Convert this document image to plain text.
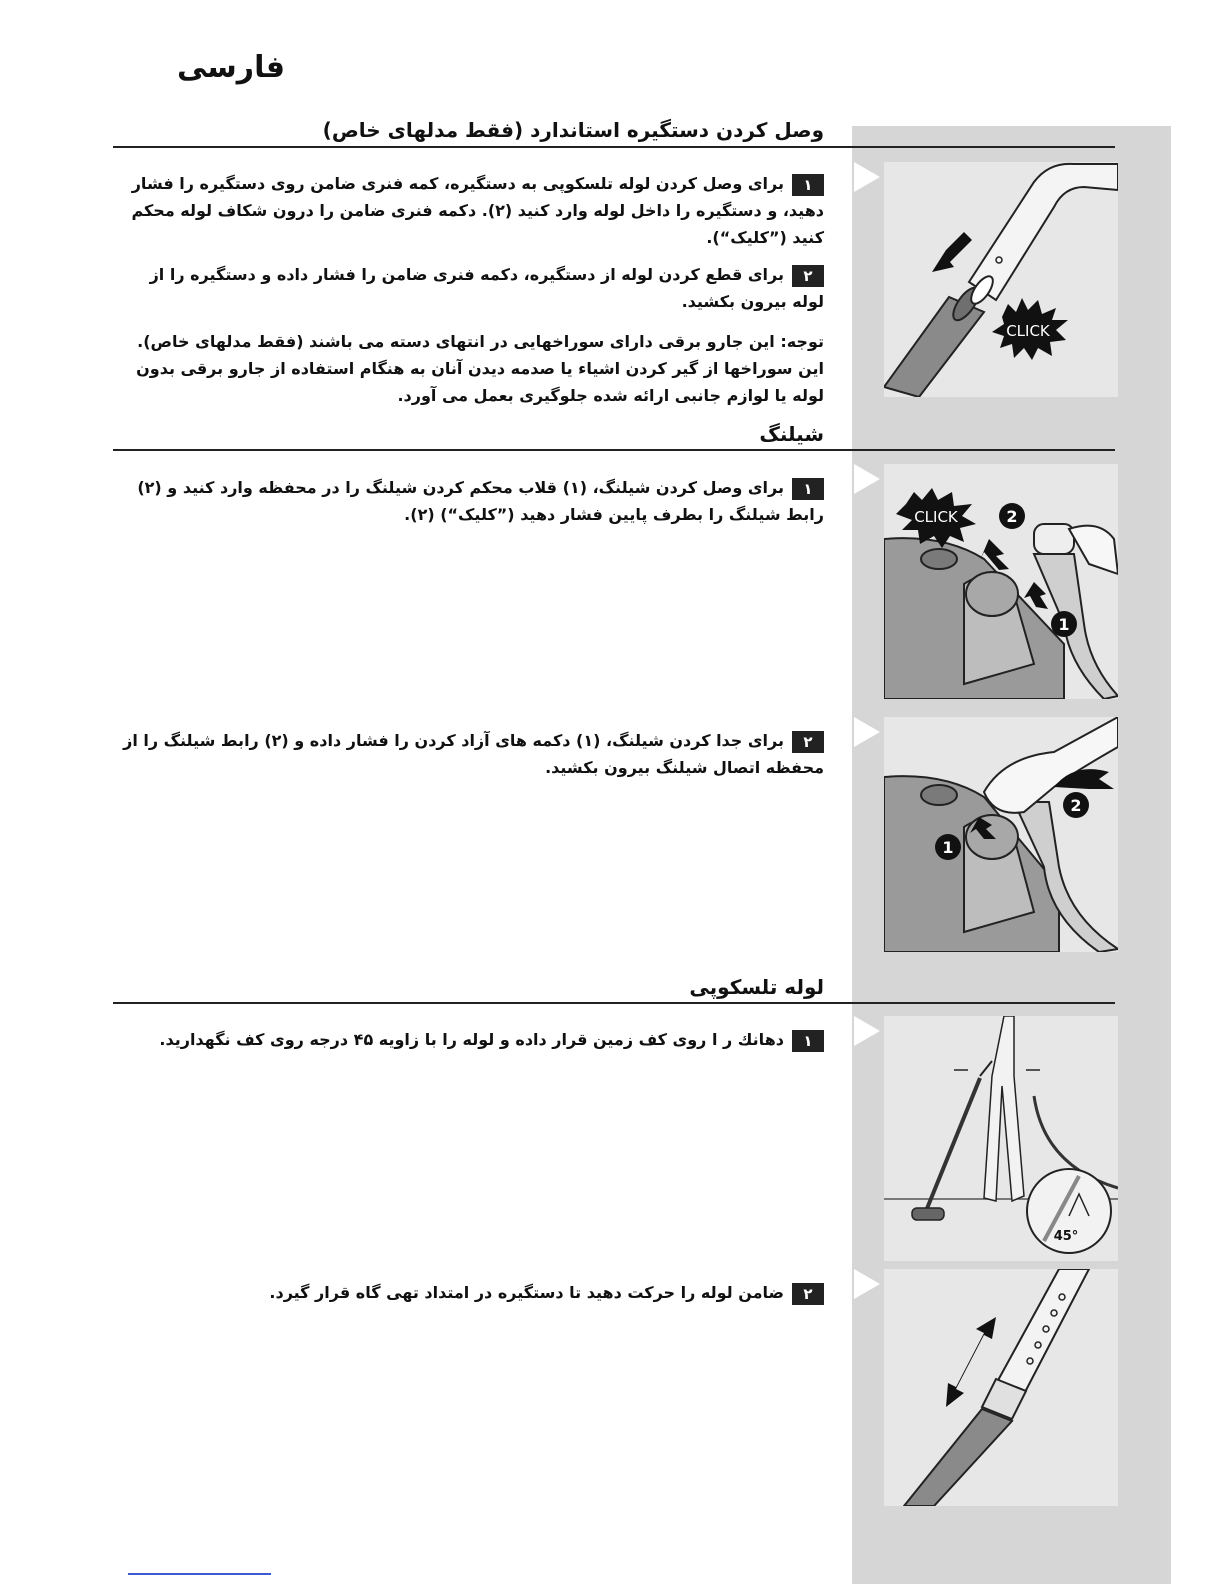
فارسی
وصل کردن دستگیره استاندارد (فقط مدلهای خاص)
۱برای وصل کردن لوله تلسکوپی به دستگیره، کمه فنری ضامن روی دستگیره را فشار دهید، و دستگیره را داخل لوله وارد کنید (۲). دکمه فنری ضامن را درون شکاف لوله محکم کنید (”کلیک“).
۲برای قطع کردن لوله از دستگیره، دکمه فنری ضامن را فشار داده و دستگیره را از لوله بیرون بکشید.
توجه: این جارو برقی دارای سوراخهایی در انتهای دسته می باشند (فقط مدلهای خاص). این سوراخها از گیر کردن اشیاء یا صدمه دیدن آنان به هنگام استفاده از جارو برقی بدون لوله یا لوازم جانبی ارائه شده جلوگیری بعمل می آورد.
CLICK
شیلنگ
۱برای وصل کردن شیلنگ، (۱) قلاب محکم کردن شیلنگ را در محفظه وارد کنید و (۲) رابط شیلنگ را بطرف پایین فشار دهید (”کلیک“) (۲).	CLICK	2
1
۲برای جدا کردن شیلنگ، (۱) دکمه های آزاد کردن را فشار داده و (۲) رابط شیلنگ را از محفظه اتصال شیلنگ بیرون بکشید.
2
1
لوله تلسکوپی
۱دهانك ر ا روی كف زمین قرار داده و لوله را با زاویه ۴۵ درجه روی كف نگهدارید.
45°
۲ضامن لوله را حركت دهید تا دستگیره در امتداد تهی گاه قرار گیرد.
